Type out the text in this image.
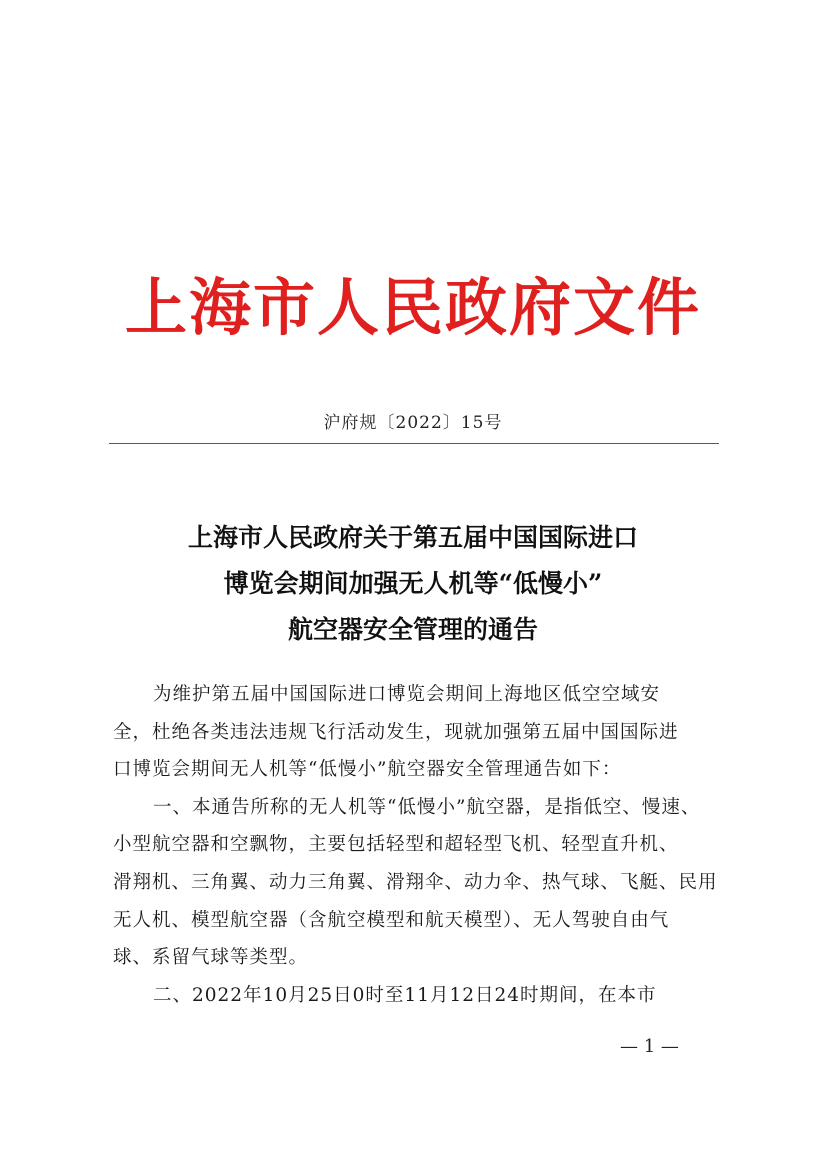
上海市人民政府文件
沪府规〔2022〕15号
上海市人民政府关于第五届中国国际进口
博览会期间加强无人机等“低慢小”
航空器安全管理的通告
为维护第五届中国国际进口博览会期间上海地区低空空域安
全，杜绝各类违法违规飞行活动发生，现就加强第五届中国国际进
口博览会期间无人机等“低慢小”航空器安全管理通告如下：
一、本通告所称的无人机等“低慢小”航空器，是指低空、慢速、
小型航空器和空飘物，主要包括轻型和超轻型飞机、轻型直升机、
滑翔机、三角翼、动力三角翼、滑翔伞、动力伞、热气球、飞艇、民用
无人机、模型航空器（含航空模型和航天模型）、无人驾驶自由气
球、系留气球等类型。
二、2022年10月25日0时至11月12日24时期间，在本市
— 1 —
